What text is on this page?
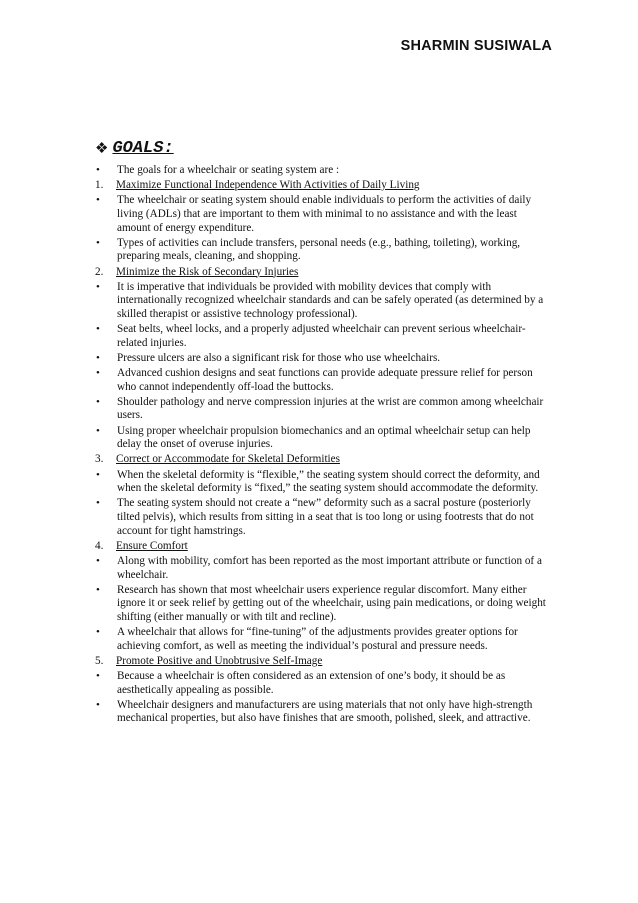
SHARMIN SUSIWALA
❖ GOALS:
•	The goals for a wheelchair or seating system are :
1.	Maximize Functional Independence With Activities of Daily Living
•	The wheelchair or seating system should enable individuals to perform the activities of daily living (ADLs) that are important to them with minimal to no assistance and with the least amount of energy expenditure.
•	Types of activities can include transfers, personal needs (e.g., bathing, toileting), working, preparing meals, cleaning, and shopping.
2.	Minimize the Risk of Secondary Injuries
•	It is imperative that individuals be provided with mobility devices that comply with internationally recognized wheelchair standards and can be safely operated (as determined by a skilled therapist or assistive technology professional).
•	Seat belts, wheel locks, and a properly adjusted wheelchair can prevent serious wheelchair-related injuries.
•	Pressure ulcers are also a significant risk for those who use wheelchairs.
•	Advanced cushion designs and seat functions can provide adequate pressure relief for person who cannot independently off-load the buttocks.
•	Shoulder pathology and nerve compression injuries at the wrist are common among wheelchair users.
•	Using proper wheelchair propulsion biomechanics and an optimal wheelchair setup can help delay the onset of overuse injuries.
3.	Correct or Accommodate for Skeletal Deformities
•	When the skeletal deformity is “flexible,” the seating system should correct the deformity, and when the skeletal deformity is “fixed,” the seating system should accommodate the deformity.
•	The seating system should not create a “new” deformity such as a sacral posture (posteriorly tilted pelvis), which results from sitting in a seat that is too long or using footrests that do not account for tight hamstrings.
4.	Ensure Comfort
•	Along with mobility, comfort has been reported as the most important attribute or function of a wheelchair.
•	Research has shown that most wheelchair users experience regular discomfort. Many either ignore it or seek relief by getting out of the wheelchair, using pain medications, or doing weight shifting (either manually or with tilt and recline).
•	A wheelchair that allows for “fine-tuning” of the adjustments provides greater options for achieving comfort, as well as meeting the individual’s postural and pressure needs.
5.	Promote Positive and Unobtrusive Self-Image
•	Because a wheelchair is often considered as an extension of one’s body, it should be as aesthetically appealing as possible.
•	Wheelchair designers and manufacturers are using materials that not only have high-strength mechanical properties, but also have finishes that are smooth, polished, sleek, and attractive.
